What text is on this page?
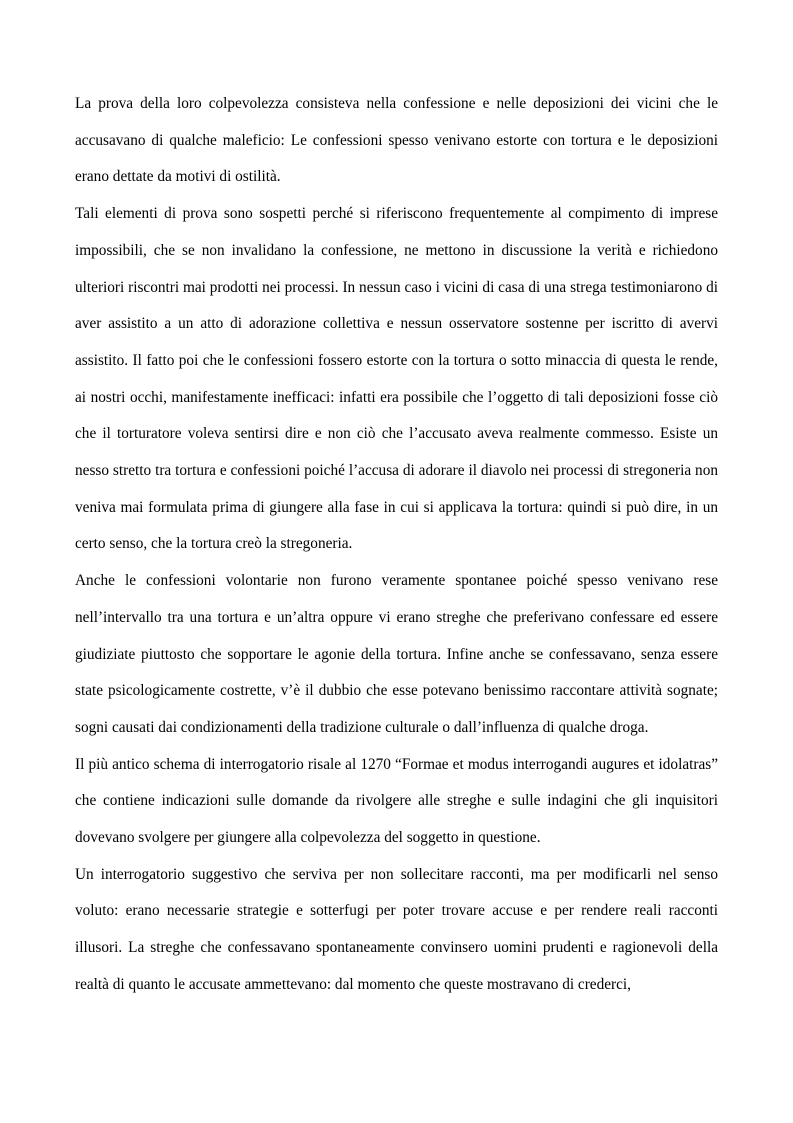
La prova della loro colpevolezza consisteva nella confessione e nelle deposizioni dei vicini che le accusavano di qualche maleficio: Le confessioni spesso venivano estorte con tortura e le deposizioni erano dettate da motivi di ostilità.

Tali elementi di prova sono sospetti perché si riferiscono frequentemente al compimento di imprese impossibili, che se non invalidano la confessione, ne mettono in discussione la verità e richiedono ulteriori riscontri mai prodotti nei processi. In nessun caso i vicini di casa di una strega testimoniarono di aver assistito a un atto di adorazione collettiva e nessun osservatore sostenne per iscritto di avervi assistito. Il fatto poi che le confessioni fossero estorte con la tortura o sotto minaccia di questa le rende, ai nostri occhi, manifestamente inefficaci: infatti era possibile che l’oggetto di tali deposizioni fosse ciò che il torturatore voleva sentirsi dire e non ciò che l’accusato aveva realmente commesso. Esiste un nesso stretto tra tortura e confessioni poiché l’accusa di adorare il diavolo nei processi di stregoneria non veniva mai formulata prima di giungere alla fase in cui si applicava la tortura: quindi si può dire, in un certo senso, che la tortura creò la stregoneria.

Anche le confessioni volontarie non furono veramente spontanee poiché spesso venivano rese nell’intervallo tra una tortura e un’altra oppure vi erano streghe che preferivano confessare ed essere giudiziate piuttosto che sopportare le agonie della tortura. Infine anche se confessavano, senza essere state psicologicamente costrette, v’è il dubbio che esse potevano benissimo raccontare attività sognate; sogni causati dai condizionamenti della tradizione culturale o dall’influenza di qualche droga.

Il più antico schema di interrogatorio risale al 1270 “Formae et modus interrogandi augures et idolatras” che contiene indicazioni sulle domande da rivolgere alle streghe e sulle indagini che gli inquisitori dovevano svolgere per giungere alla colpevolezza del soggetto in questione.

Un interrogatorio suggestivo che serviva per non sollecitare racconti, ma per modificarli nel senso voluto: erano necessarie strategie e sotterfugi per poter trovare accuse e per rendere reali racconti illusori. La streghe che confessavano spontaneamente convinsero uomini prudenti e ragionevoli della realtà di quanto le accusate ammettevano: dal momento che queste mostravano di crederci,
